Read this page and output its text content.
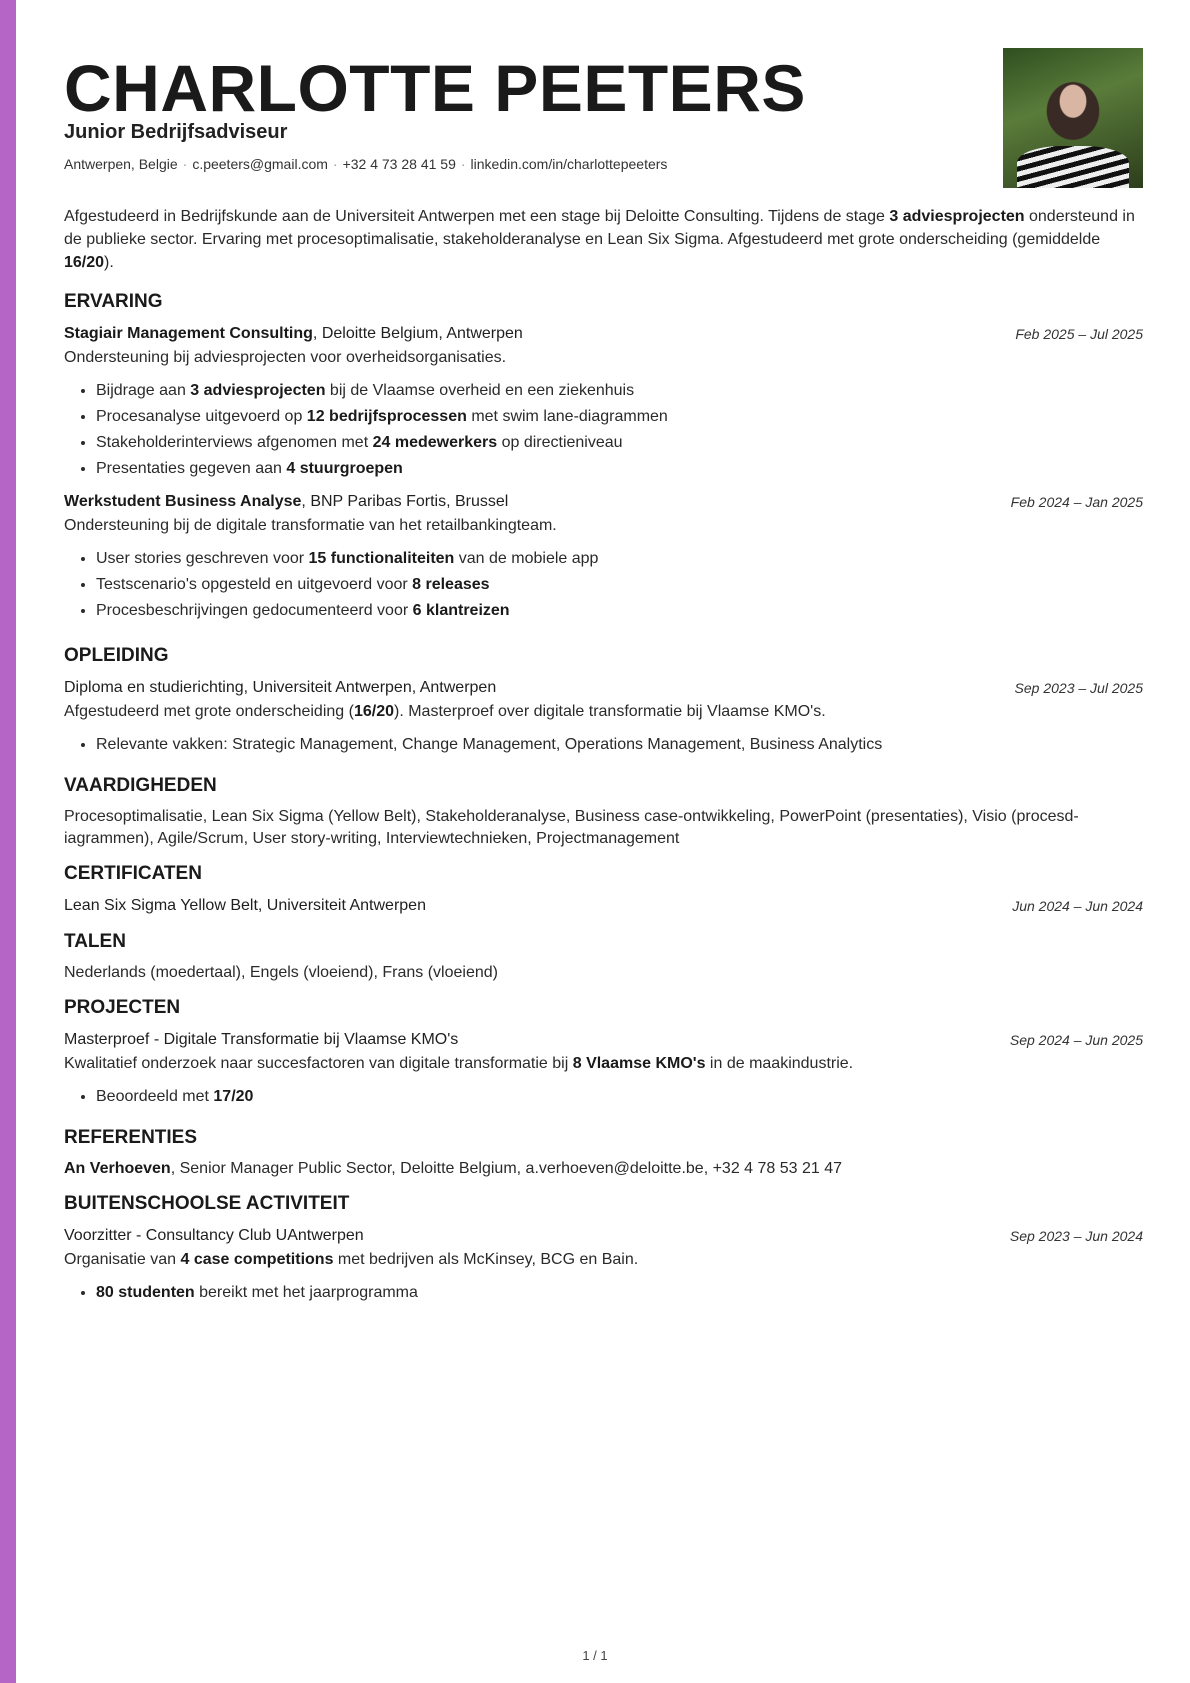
CHARLOTTE PEETERS
Junior Bedrijfsadviseur
Antwerpen, Belgie · c.peeters@gmail.com · +32 4 73 28 41 59 · linkedin.com/in/charlottepeeters
Afgestudeerd in Bedrijfskunde aan de Universiteit Antwerpen met een stage bij Deloitte Consulting. Tijdens de stage 3 adviesprojecten ondersteund in de publieke sector. Ervaring met procesoptimalisatie, stakeholderanalyse en Lean Six Sigma. Afgestudeerd met grote onderscheiding (gemiddelde 16/20).
ERVARING
Stagiair Management Consulting, Deloitte Belgium, Antwerpen	Feb 2025 – Jul 2025
Ondersteuning bij adviesprojecten voor overheidsorganisaties.
• Bijdrage aan 3 adviesprojecten bij de Vlaamse overheid en een ziekenhuis
• Procesanalyse uitgevoerd op 12 bedrijfsprocessen met swim lane-diagrammen
• Stakeholderinterviews afgenomen met 24 medewerkers op directieniveau
• Presentaties gegeven aan 4 stuurgroepen
Werkstudent Business Analyse, BNP Paribas Fortis, Brussel	Feb 2024 – Jan 2025
Ondersteuning bij de digitale transformatie van het retailbankingteam.
• User stories geschreven voor 15 functionaliteiten van de mobiele app
• Testscenario's opgesteld en uitgevoerd voor 8 releases
• Procesbeschrijvingen gedocumenteerd voor 6 klantreizen
OPLEIDING
Diploma en studierichting, Universiteit Antwerpen, Antwerpen	Sep 2023 – Jul 2025
Afgestudeerd met grote onderscheiding (16/20). Masterproef over digitale transformatie bij Vlaamse KMO's.
• Relevante vakken: Strategic Management, Change Management, Operations Management, Business Analytics
VAARDIGHEDEN
Procesoptimalisatie, Lean Six Sigma (Yellow Belt), Stakeholderanalyse, Business case-ontwikkeling, PowerPoint (presentaties), Visio (procesdiagrammen), Agile/Scrum, User story-writing, Interviewtechnieken, Projectmanagement
CERTIFICATEN
Lean Six Sigma Yellow Belt, Universiteit Antwerpen	Jun 2024 – Jun 2024
TALEN
Nederlands (moedertaal), Engels (vloeiend), Frans (vloeiend)
PROJECTEN
Masterproef - Digitale Transformatie bij Vlaamse KMO's	Sep 2024 – Jun 2025
Kwalitatief onderzoek naar succesfactoren van digitale transformatie bij 8 Vlaamse KMO's in de maakindustrie.
• Beoordeeld met 17/20
REFERENTIES
An Verhoeven, Senior Manager Public Sector, Deloitte Belgium, a.verhoeven@deloitte.be, +32 4 78 53 21 47
BUITENSCHOOLSE ACTIVITEIT
Voorzitter - Consultancy Club UAntwerpen	Sep 2023 – Jun 2024
Organisatie van 4 case competitions met bedrijven als McKinsey, BCG en Bain.
• 80 studenten bereikt met het jaarprogramma
1 / 1
